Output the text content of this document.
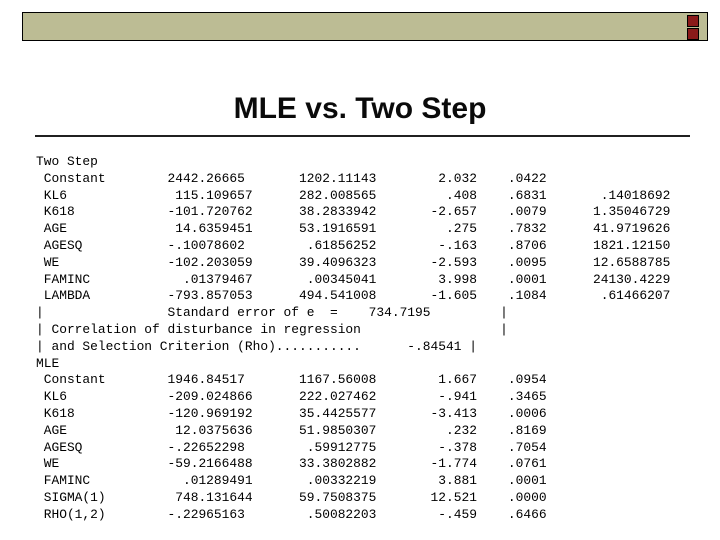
MLE vs. Two Step
Two Step
Constant        2442.26665       1202.11143        2.032    .0422
KL6              115.109657      282.008565         .408    .6831       .14018692
K618            -101.720762      38.2833942       -2.657    .0079      1.35046729
AGE              14.6359451      53.1916591         .275    .7832      41.9719626
AGESQ           -.10078602        .61856252        -.163    .8706      1821.12150
WE              -102.203059      39.4096323       -2.593    .0095      12.6588785
FAMINC            .01379467       .00345041        3.998    .0001      24130.4229
LAMBDA          -793.857053      494.541008       -1.605    .1084       .61466207
|                Standard error of e  =    734.7195         |
| Correlation of disturbance in regression                  |
| and Selection Criterion (Rho)...........      -.84541 |
MLE
Constant        1946.84517       1167.56008        1.667    .0954
KL6             -209.024866      222.027462        -.941    .3465
K618            -120.969192      35.4425577       -3.413    .0006
AGE              12.0375636      51.9850307         .232    .8169
AGESQ           -.22652298        .59912775        -.378    .7054
WE              -59.2166488      33.3802882       -1.774    .0761
FAMINC            .01289491       .00332219        3.881    .0001
SIGMA(1)         748.131644      59.7508375       12.521    .0000
RHO(1,2)        -.22965163        .50082203        -.459    .6466
